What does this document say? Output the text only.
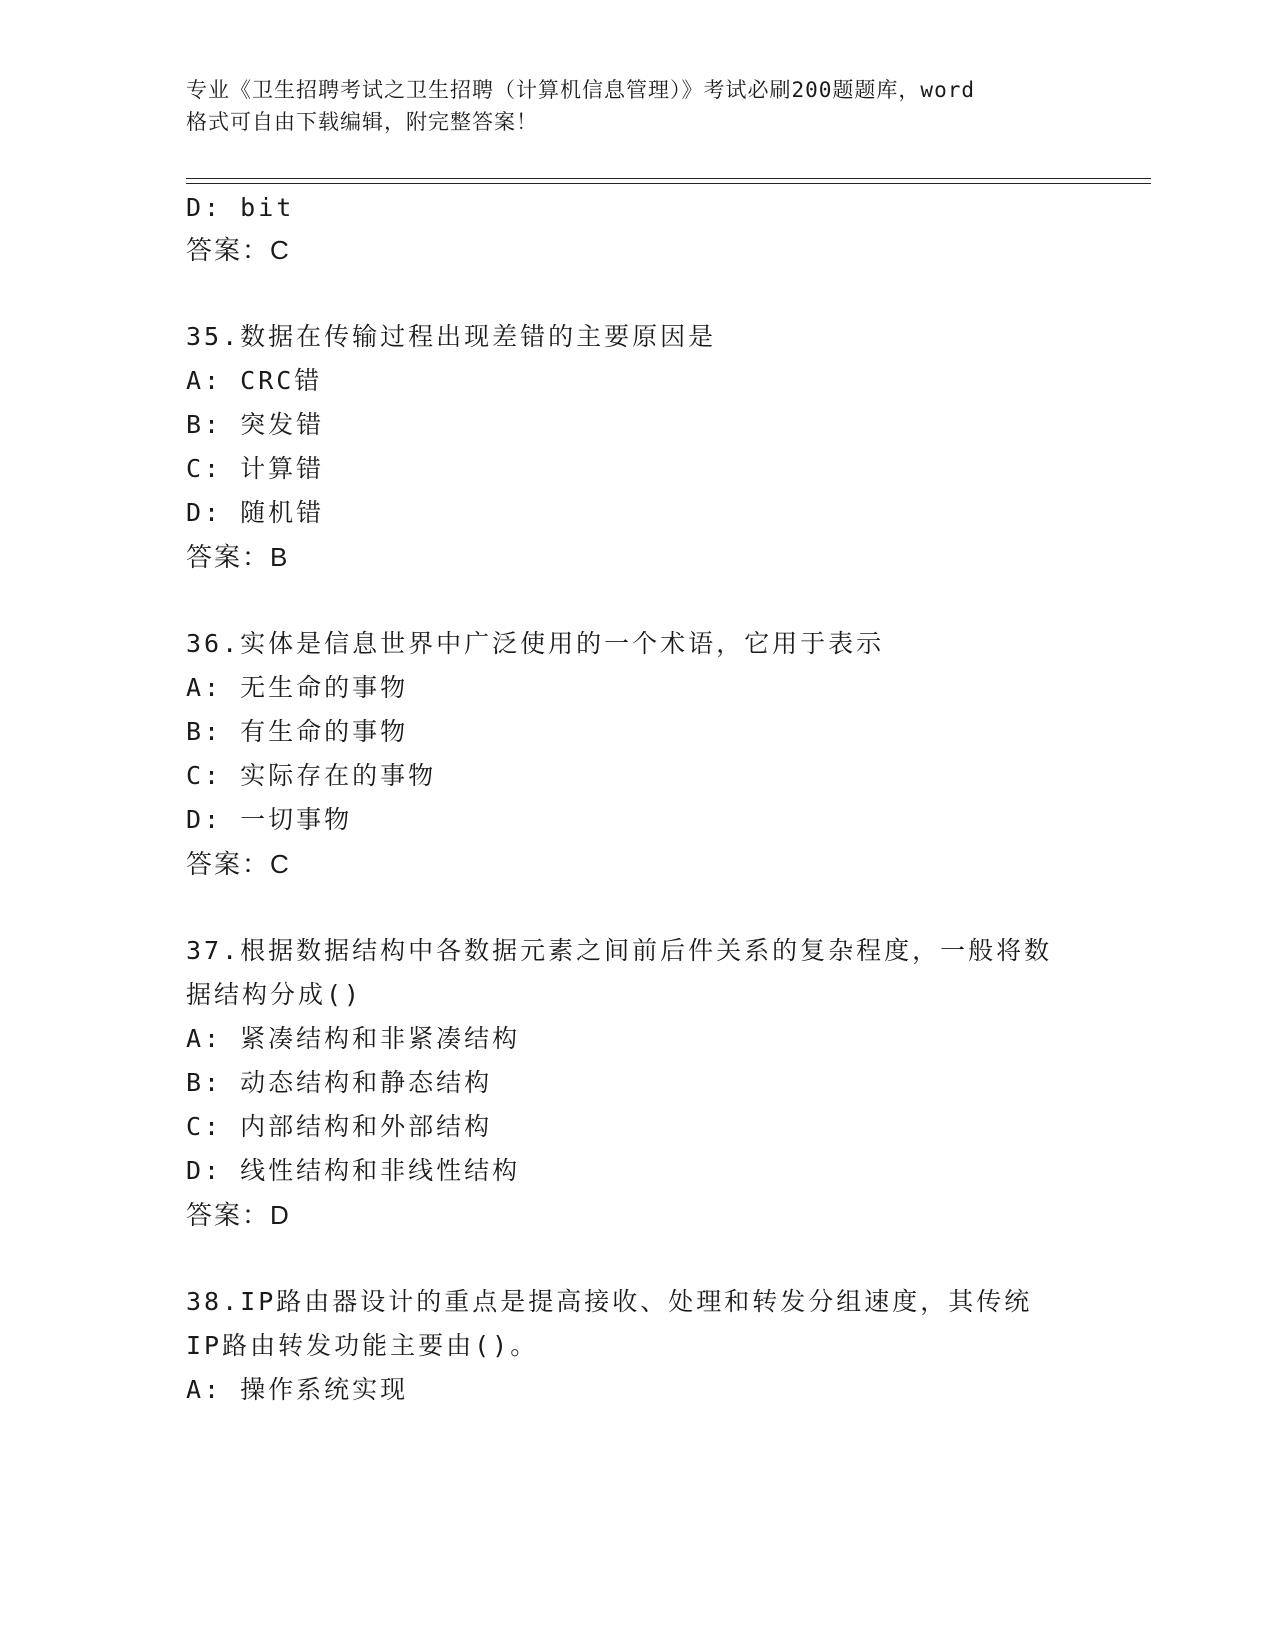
专业《卫生招聘考试之卫生招聘（计算机信息管理）》考试必刷200题题库，word
格式可自由下载编辑，附完整答案！
D: bit
答案：C
35.数据在传输过程出现差错的主要原因是
A: CRC错
B: 突发错
C: 计算错
D: 随机错
答案：B
36.实体是信息世界中广泛使用的一个术语，它用于表示
A: 无生命的事物
B: 有生命的事物
C: 实际存在的事物
D: 一切事物
答案：C
37.根据数据结构中各数据元素之间前后件关系的复杂程度，一般将数
据结构分成()
A: 紧凑结构和非紧凑结构
B: 动态结构和静态结构
C: 内部结构和外部结构
D: 线性结构和非线性结构
答案：D
38.IP路由器设计的重点是提高接收、处理和转发分组速度，其传统
IP路由转发功能主要由()。
A: 操作系统实现
